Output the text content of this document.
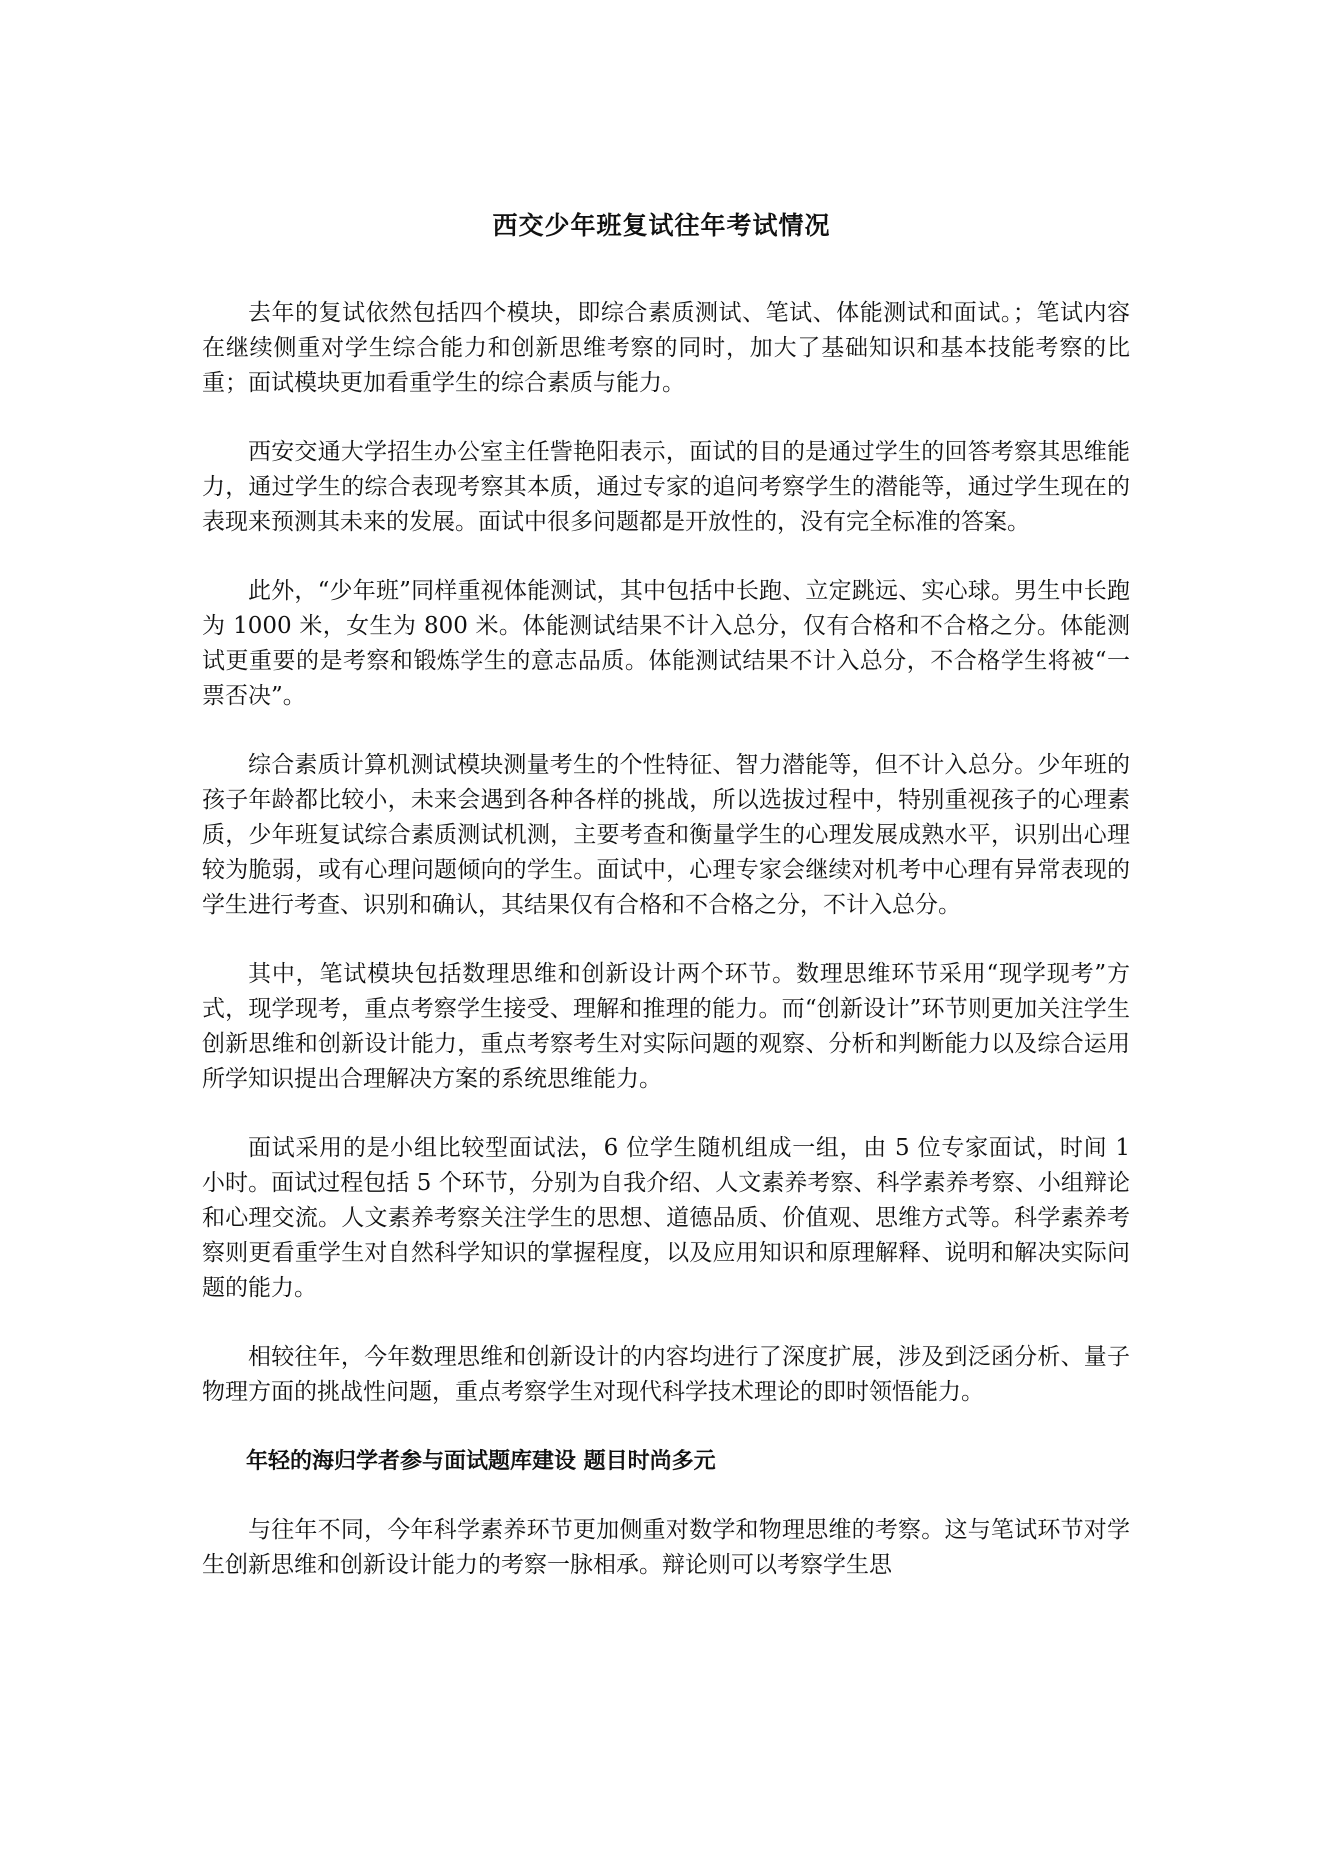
西交少年班复试往年考试情况

去年的复试依然包括四个模块，即综合素质测试、笔试、体能测试和面试。；笔试内容在继续侧重对学生综合能力和创新思维考察的同时，加大了基础知识和基本技能考察的比重；面试模块更加看重学生的综合素质与能力。

西安交通大学招生办公室主任訾艳阳表示，面试的目的是通过学生的回答考察其思维能力，通过学生的综合表现考察其本质，通过专家的追问考察学生的潜能等，通过学生现在的表现来预测其未来的发展。面试中很多问题都是开放性的，没有完全标准的答案。

此外，“少年班”同样重视体能测试，其中包括中长跑、立定跳远、实心球。男生中长跑为 1000 米，女生为 800 米。体能测试结果不计入总分，仅有合格和不合格之分。体能测试更重要的是考察和锻炼学生的意志品质。体能测试结果不计入总分，不合格学生将被“一票否决”。

综合素质计算机测试模块测量考生的个性特征、智力潜能等，但不计入总分。少年班的孩子年龄都比较小，未来会遇到各种各样的挑战，所以选拔过程中，特别重视孩子的心理素质，少年班复试综合素质测试机测，主要考查和衡量学生的心理发展成熟水平，识别出心理较为脆弱，或有心理问题倾向的学生。面试中，心理专家会继续对机考中心理有异常表现的学生进行考查、识别和确认，其结果仅有合格和不合格之分，不计入总分。

其中，笔试模块包括数理思维和创新设计两个环节。数理思维环节采用“现学现考”方式，现学现考，重点考察学生接受、理解和推理的能力。而“创新设计”环节则更加关注学生创新思维和创新设计能力，重点考察考生对实际问题的观察、分析和判断能力以及综合运用所学知识提出合理解决方案的系统思维能力。

面试采用的是小组比较型面试法，6 位学生随机组成一组，由 5 位专家面试，时间 1 小时。面试过程包括 5 个环节，分别为自我介绍、人文素养考察、科学素养考察、小组辩论和心理交流。人文素养考察关注学生的思想、道德品质、价值观、思维方式等。科学素养考察则更看重学生对自然科学知识的掌握程度，以及应用知识和原理解释、说明和解决实际问题的能力。

相较往年，今年数理思维和创新设计的内容均进行了深度扩展，涉及到泛函分析、量子物理方面的挑战性问题，重点考察学生对现代科学技术理论的即时领悟能力。

年轻的海归学者参与面试题库建设 题目时尚多元

与往年不同，今年科学素养环节更加侧重对数学和物理思维的考察。这与笔试环节对学生创新思维和创新设计能力的考察一脉相承。辩论则可以考察学生思
